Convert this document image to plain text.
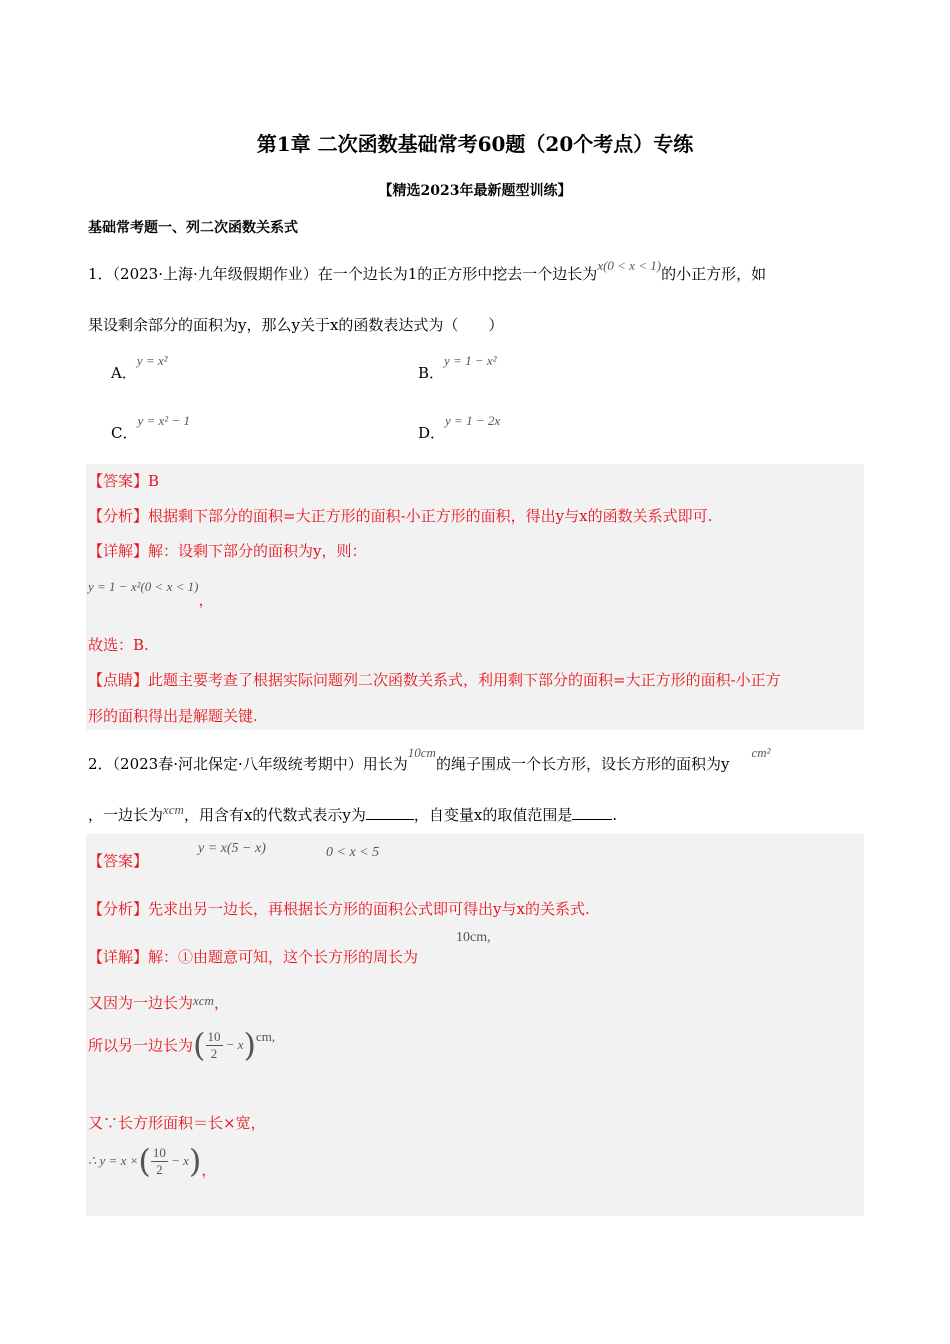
第1章 二次函数基础常考60题（20个考点）专练
【精选2023年最新题型训练】
基础常考题一、列二次函数关系式
1．（2023·上海·九年级假期作业）在一个边长为1的正方形中挖去一个边长为x(0 < x < 1)的小正方形，如
果设剩余部分的面积为y，那么y关于x的函数表达式为（　　）
A．y = x²
B．y = 1 − x²
C．y = x² − 1
D．y = 1 − 2x
【答案】B
【分析】根据剩下部分的面积=大正方形的面积-小正方形的面积，得出y与x的函数关系式即可.
【详解】解：设剩下部分的面积为y，则：
y = 1 − x²(0 < x < 1)，
故选：B.
【点睛】此题主要考查了根据实际问题列二次函数关系式，利用剩下部分的面积=大正方形的面积-小正方
形的面积得出是解题关键.
2．（2023春·河北保定·八年级统考期中）用长为10cm的绳子围成一个长方形，设长方形的面积为ycm²
，一边长为xcm，用含有x的代数式表示y为	，自变量x的取值范围是	.
【答案】
y = x(5 − x)	0 < x < 5
【分析】先求出另一边长，再根据长方形的面积公式即可得出y与x的关系式.
【详解】解：①由题意可知，这个长方形的周长为
10cm,
又因为一边长为xcm，
所以另一边长为( $\frac{10}{2} - x)^{cm,}$
又∵长方形面积＝长×宽，
∴ y = x ×( $\frac{10}{2} - x$)，
